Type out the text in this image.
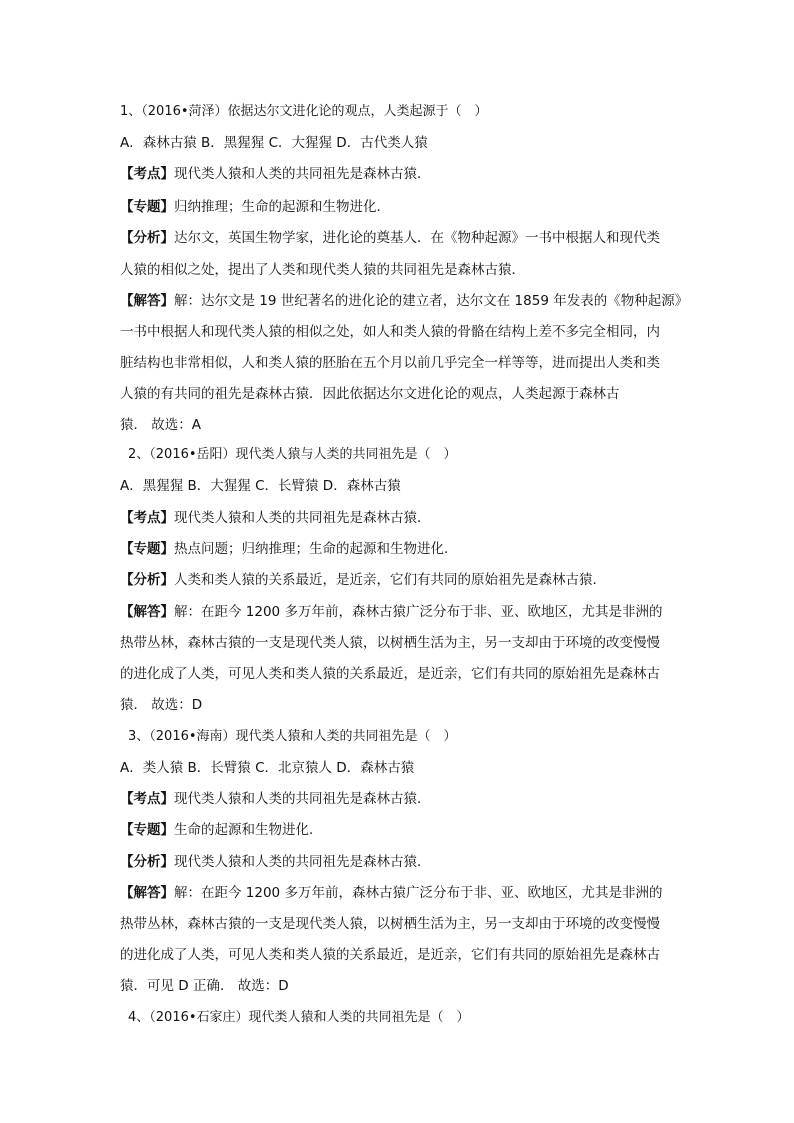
1、（2016•菏泽）依据达尔文进化论的观点，人类起源于（　）
A．森林古猿 B．黑猩猩 C．大猩猩 D．古代类人猿
【考点】现代类人猿和人类的共同祖先是森林古猿．
【专题】归纳推理；生命的起源和生物进化．
【分析】达尔文，英国生物学家，进化论的奠基人．在《物种起源》一书中根据人和现代类
人猿的相似之处，提出了人类和现代类人猿的共同祖先是森林古猿．
【解答】解：达尔文是 19 世纪著名的进化论的建立者，达尔文在 1859 年发表的《物种起源》
一书中根据人和现代类人猿的相似之处，如人和类人猿的骨骼在结构上差不多完全相同，内
脏结构也非常相似，人和类人猿的胚胎在五个月以前几乎完全一样等等，进而提出人类和类
人猿的有共同的祖先是森林古猿．因此依据达尔文进化论的观点，人类起源于森林古
猿． 故选：A
2、（2016•岳阳）现代类人猿与人类的共同祖先是（　）
A．黑猩猩 B．大猩猩 C．长臂猿 D．森林古猿
【考点】现代类人猿和人类的共同祖先是森林古猿．
【专题】热点问题；归纳推理；生命的起源和生物进化．
【分析】人类和类人猿的关系最近，是近亲，它们有共同的原始祖先是森林古猿．
【解答】解：在距今 1200 多万年前，森林古猿广泛分布于非、亚、欧地区，尤其是非洲的
热带丛林，森林古猿的一支是现代类人猿，以树栖生活为主，另一支却由于环境的改变慢慢
的进化成了人类，可见人类和类人猿的关系最近，是近亲，它们有共同的原始祖先是森林古
猿． 故选：D
3、（2016•海南）现代类人猿和人类的共同祖先是（　）
A．类人猿 B．长臂猿 C．北京猿人 D．森林古猿
【考点】现代类人猿和人类的共同祖先是森林古猿．
【专题】生命的起源和生物进化．
【分析】现代类人猿和人类的共同祖先是森林古猿．
【解答】解：在距今 1200 多万年前，森林古猿广泛分布于非、亚、欧地区，尤其是非洲的
热带丛林，森林古猿的一支是现代类人猿，以树栖生活为主，另一支却由于环境的改变慢慢
的进化成了人类，可见人类和类人猿的关系最近，是近亲，它们有共同的原始祖先是森林古
猿．可见 D 正确． 故选：D
4、（2016•石家庄）现代类人猿和人类的共同祖先是（　）
